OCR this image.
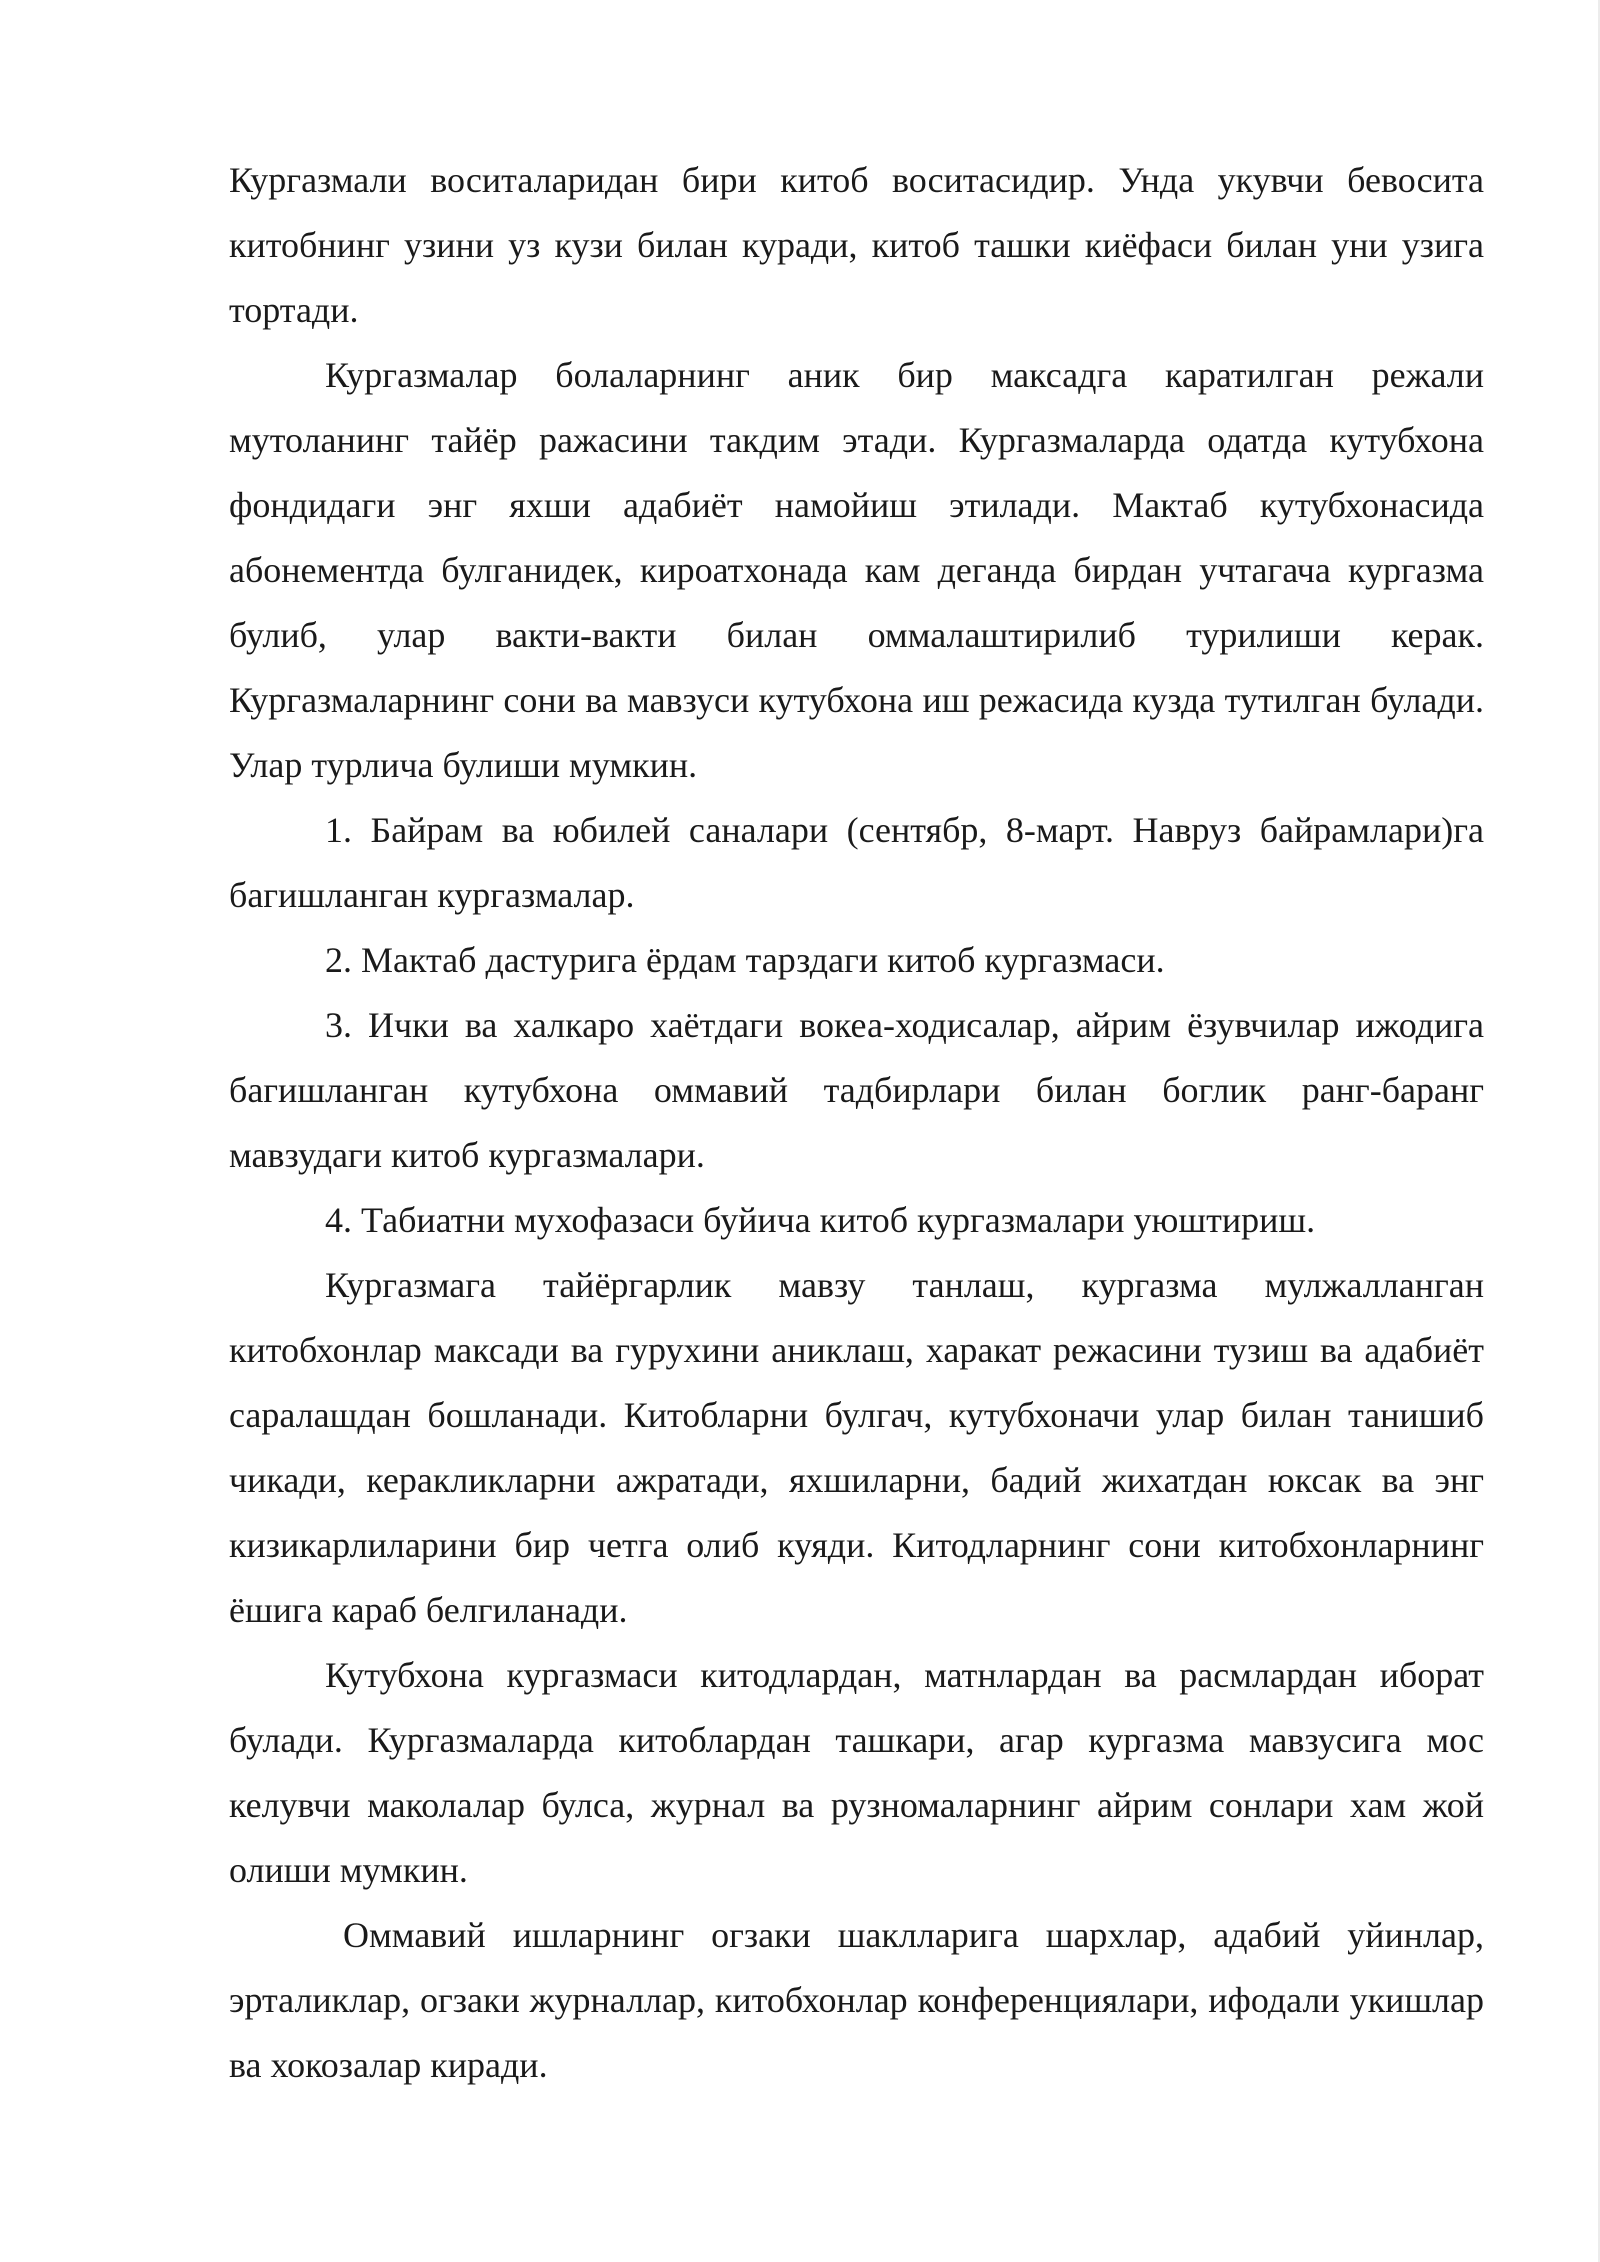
Кургазмали воситаларидан бири китоб воситасидир. Унда укувчи бевосита китобнинг узини уз кузи билан куради, китоб ташки киёфаси билан уни узига тортади.

Кургазмалар болаларнинг аник бир максадга каратилган режали мутоланинг тайёр ражасини такдим этади. Кургазмаларда одатда кутубхона фондидаги энг яхши адабиёт намойиш этилади. Мактаб кутубхонасида абонементда булганидек, кироатхонада кам деганда бирдан учтагача кургазма булиб, улар вакти-вакти билан оммалаштирилиб турилиши керак. Кургазмаларнинг сони ва мавзуси кутубхона иш режасида кузда тутилган булади. Улар турлича булиши мумкин.

1. Байрам ва юбилей саналари (сентябр, 8-март. Навруз байрамлари)га багишланган кургазмалар.

2. Мактаб дастурига ёрдам тарздаги китоб кургазмаси.

3. Ички ва халкаро хаётдаги вокеа-ходисалар, айрим ёзувчилар ижодига багишланган кутубхона оммавий тадбирлари билан боглик ранг-баранг мавзудаги китоб кургазмалари.

4. Табиатни мухофазаси буйича китоб кургазмалари уюштириш.

Кургазмага тайёргарлик мавзу танлаш, кургазма мулжалланган китобхонлар максади ва гурухини аниклаш, харакат режасини тузиш ва адабиёт саралашдан бошланади. Китобларни булгач, кутубхоначи улар билан танишиб чикади, керакликларни ажратади, яхшиларни, бадий жихатдан юксак ва энг кизикарлиларини бир четга олиб куяди. Китодларнинг сони китобхонларнинг ёшига караб белгиланади.

Кутубхона кургазмаси китодлардан, матнлардан ва расмлардан иборат булади. Кургазмаларда китоблардан ташкари, агар кургазма мавзусига мос келувчи маколалар булса, журнал ва рузномаларнинг айрим сонлари хам жой олиши мумкин.

Оммавий ишларнинг огзаки шаклларига шархлар, адабий уйинлар, эрталиклар, огзаки журналлар, китобхонлар конференциялари, ифодали укишлар ва хокозалар киради.
